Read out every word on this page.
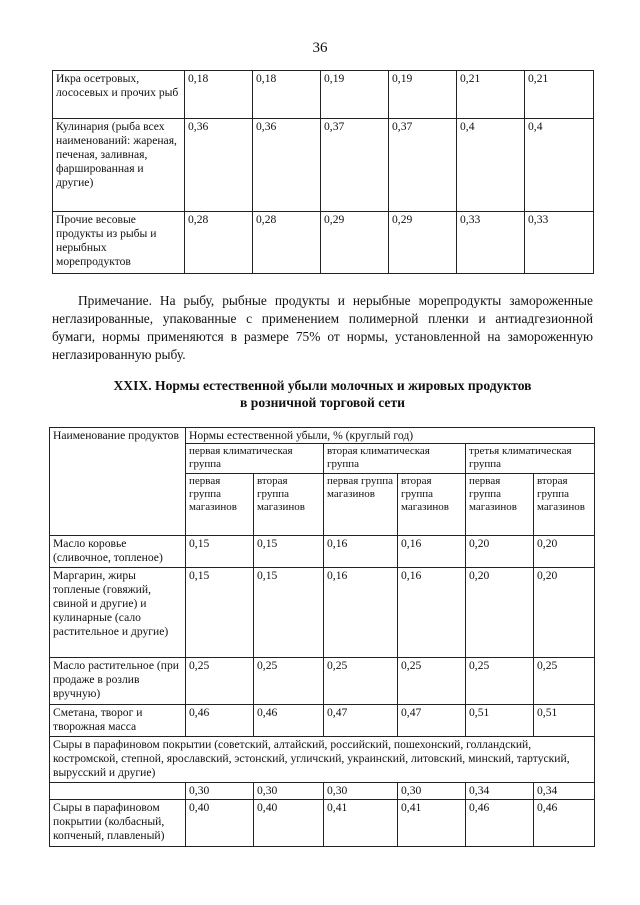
36
Икра осетровых, лососевых и прочих рыб	0,18	0,18	0,19	0,19	0,21	0,21
Кулинария (рыба всех наименований: жареная, печеная, заливная, фаршированная и другие)	0,36	0,36	0,37	0,37	0,4	0,4
Прочие весовые продукты из рыбы и нерыбных морепродуктов	0,28	0,28	0,29	0,29	0,33	0,33
Примечание. На рыбу, рыбные продукты и нерыбные морепродукты замороженные неглазированные, упакованные с применением полимерной пленки и антиадгезионной бумаги, нормы применяются в размере 75% от нормы, установленной на замороженную неглазированную рыбу.
XXIX. Нормы естественной убыли молочных и жировых продуктов
в розничной торговой сети
Наименование продуктов	Нормы естественной убыли, % (круглый год)					
	первая климатическая группа		вторая климатическая группа		третья климатическая группа	
	первая группа магазинов	вторая группа магазинов	первая группа магазинов	вторая группа магазинов	первая группа магазинов	вторая группа магазинов
Масло коровье (сливочное, топленое)	0,15	0,15	0,16	0,16	0,20	0,20
Маргарин, жиры топленые (говяжий, свиной и другие) и кулинарные (сало растительное и другие)	0,15	0,15	0,16	0,16	0,20	0,20
Масло растительное (при продаже в розлив вручную)	0,25	0,25	0,25	0,25	0,25	0,25
Сметана, творог и творожная масса	0,46	0,46	0,47	0,47	0,51	0,51
Сыры в парафиновом покрытии (советский, алтайский, российский, пошехонский, голландский, костромской, степной, ярославский, эстонский, угличский, украинский, литовский, минский, тартуский, вырусский и другие)						
	0,30	0,30	0,30	0,30	0,34	0,34
Сыры в парафиновом покрытии (колбасный, копченый, плавленый)	0,40	0,40	0,41	0,41	0,46	0,46
